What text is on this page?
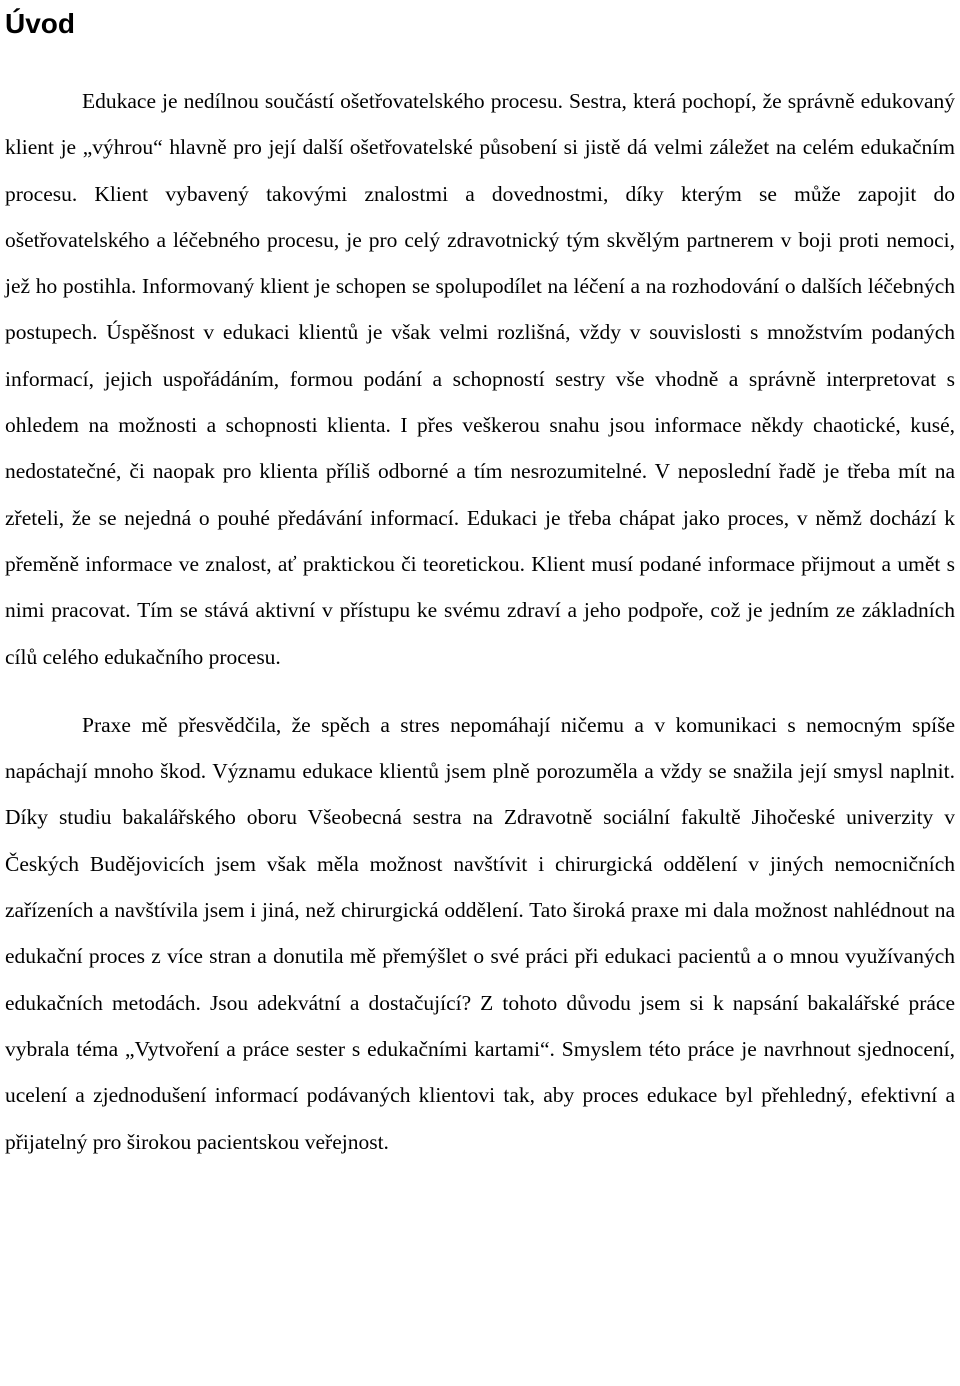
Úvod

Edukace je nedílnou součástí ošetřovatelského procesu. Sestra, která pochopí, že správně edukovaný klient je „výhrou“ hlavně pro její další ošetřovatelské působení si jistě dá velmi záležet na celém edukačním procesu. Klient vybavený takovými znalostmi a dovednostmi, díky kterým se může zapojit do ošetřovatelského a léčebného procesu, je pro celý zdravotnický tým skvělým partnerem v boji proti nemoci, jež ho postihla. Informovaný klient je schopen se spolupodílet na léčení a na rozhodování o dalších léčebných postupech. Úspěšnost v edukaci klientů je však velmi rozlišná, vždy v souvislosti s množstvím podaných informací, jejich uspořádáním, formou podání a schopností sestry vše vhodně a správně interpretovat s ohledem na možnosti a schopnosti klienta. I přes veškerou snahu jsou informace někdy chaotické, kusé, nedostatečné, či naopak pro klienta příliš odborné a tím nesrozumitelné. V neposlední řadě je třeba mít na zřeteli, že se nejedná o pouhé předávání informací. Edukaci je třeba chápat jako proces, v němž dochází k přeměně informace ve znalost, ať praktickou či teoretickou. Klient musí podané informace přijmout a umět s nimi pracovat. Tím se stává aktivní v přístupu ke svému zdraví a jeho podpoře, což je jedním ze základních cílů celého edukačního procesu.

Praxe mě přesvědčila, že spěch a stres nepomáhají ničemu a v komunikaci s nemocným spíše napáchají mnoho škod. Významu edukace klientů jsem plně porozuměla a vždy se snažila její smysl naplnit. Díky studiu bakalářského oboru Všeobecná sestra na Zdravotně sociální fakultě Jihočeské univerzity v Českých Budějovicích jsem však měla možnost navštívit i chirurgická oddělení v jiných nemocničních zařízeních a navštívila jsem i jiná, než chirurgická oddělení. Tato široká praxe mi dala možnost nahlédnout na edukační proces z více stran a donutila mě přemýšlet o své práci při edukaci pacientů a o mnou využívaných edukačních metodách. Jsou adekvátní a dostačující? Z tohoto důvodu jsem si k napsání bakalářské práce vybrala téma „Vytvoření a práce sester s edukačními kartami“. Smyslem této práce je navrhnout sjednocení, ucelení a zjednodušení informací podávaných klientovi tak, aby proces edukace byl přehledný, efektivní a přijatelný pro širokou pacientskou veřejnost.
